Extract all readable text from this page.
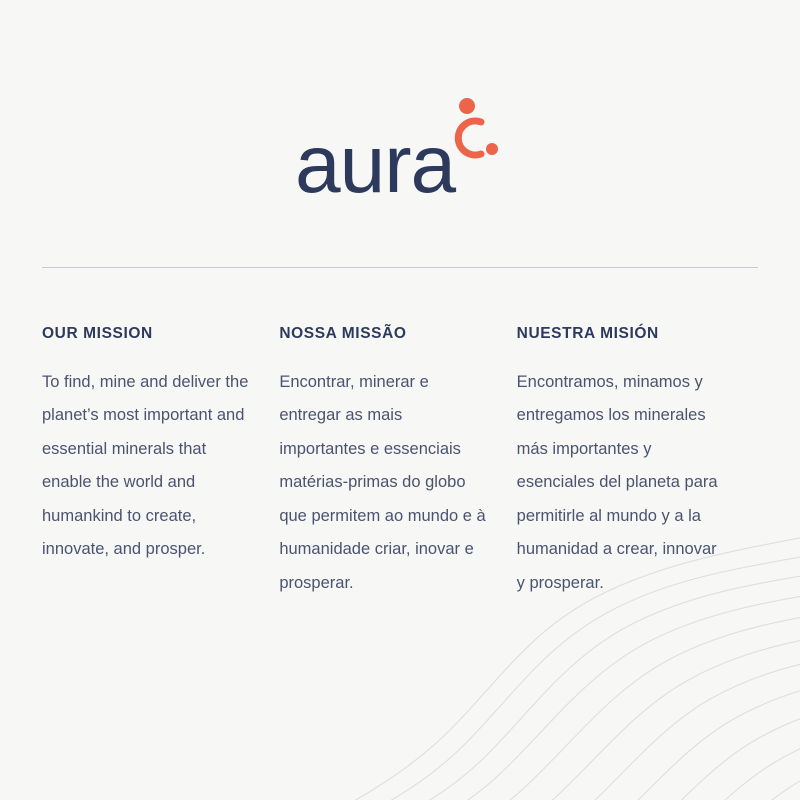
aura
OUR MISSION

To find, mine and deliver the planet’s most important and essential minerals that enable the world and humankind to create, innovate, and prosper.

NOSSA MISSÃO

Encontrar, minerar e entregar as mais importantes e essenciais matérias-primas do globo que permitem ao mundo e à humanidade criar, inovar e prosperar.

NUESTRA MISIÓN

Encontramos, minamos y entregamos los minerales más importantes y esenciales del planeta para permitirle al mundo y a la humanidad a crear, innovar y prosperar.
